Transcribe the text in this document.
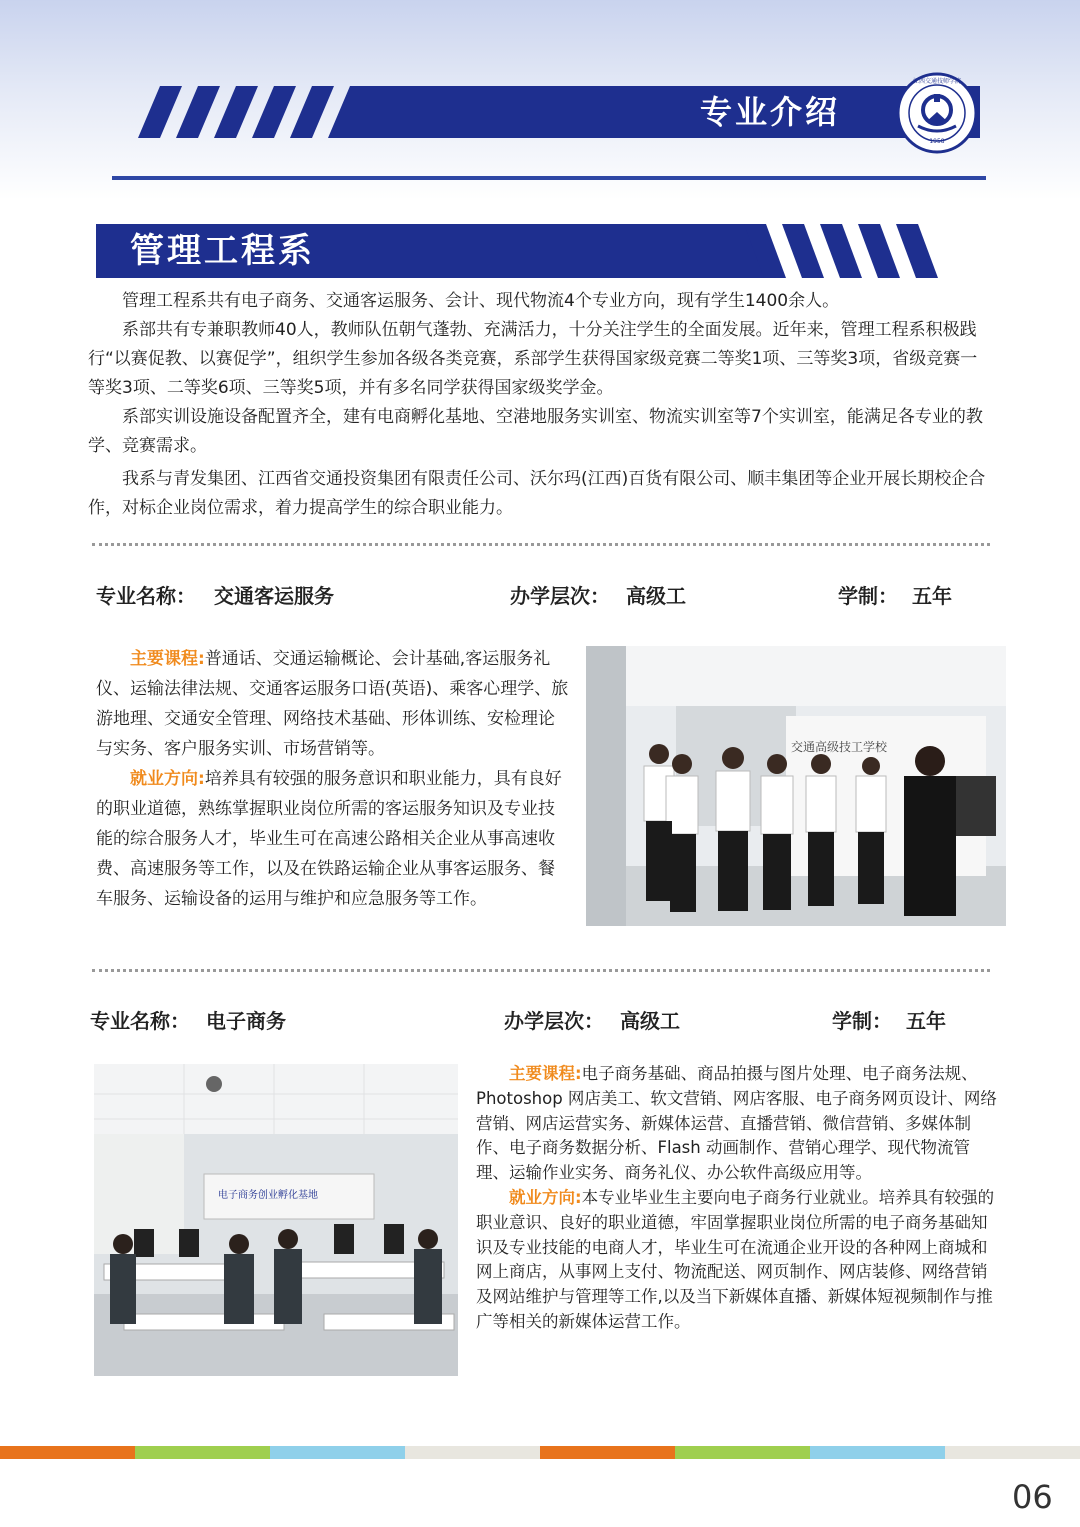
专业介绍
1958
江西交通技师学院
管理工程系

管理工程系共有电子商务、交通客运服务、会计、现代物流4个专业方向，现有学生1400余人。

系部共有专兼职教师40人，教师队伍朝气蓬勃、充满活力，十分关注学生的全面发展。近年来，管理工程系积极践行“以赛促教、以赛促学”，组织学生参加各级各类竞赛，系部学生获得国家级竞赛二等奖1项、三等奖3项，省级竞赛一等奖3项、二等奖6项、三等奖5项，并有多名同学获得国家级奖学金。

系部实训设施设备配置齐全，建有电商孵化基地、空港地服务实训室、物流实训室等7个实训室，能满足各专业的教学、竞赛需求。

我系与青发集团、江西省交通投资集团有限责任公司、沃尔玛(江西)百货有限公司、顺丰集团等企业开展长期校企合作，对标企业岗位需求，着力提高学生的综合职业能力。

专业名称： 交通客运服务	办学层次： 高级工	学制： 五年

主要课程:普通话、交通运输概论、会计基础,客运服务礼仪、运输法律法规、交通客运服务口语(英语)、乘客心理学、旅游地理、交通安全管理、网络技术基础、形体训练、安检理论与实务、客户服务实训、市场营销等。

就业方向:培养具有较强的服务意识和职业能力，具有良好的职业道德，熟练掌握职业岗位所需的客运服务知识及专业技能的综合服务人才，毕业生可在高速公路相关企业从事高速收费、高速服务等工作，以及在铁路运输企业从事客运服务、餐车服务、运输设备的运用与维护和应急服务等工作。

交通高级技工学校
专业名称： 电子商务	办学层次： 高级工	学制： 五年
电子商务创业孵化基地

主要课程:电子商务基础、商品拍摄与图片处理、电子商务法规、Photoshop 网店美工、软文营销、网店客服、电子商务网页设计、网络营销、网店运营实务、新媒体运营、直播营销、微信营销、多媒体制作、电子商务数据分析、Flash 动画制作、营销心理学、现代物流管理、运输作业实务、商务礼仪、办公软件高级应用等。

就业方向:本专业毕业生主要向电子商务行业就业。培养具有较强的职业意识、良好的职业道德，牢固掌握职业岗位所需的电子商务基础知识及专业技能的电商人才，毕业生可在流通企业开设的各种网上商城和网上商店，从事网上支付、物流配送、网页制作、网店装修、网络营销及网站维护与管理等工作,以及当下新媒体直播、新媒体短视频制作与推广等相关的新媒体运营工作。

06
